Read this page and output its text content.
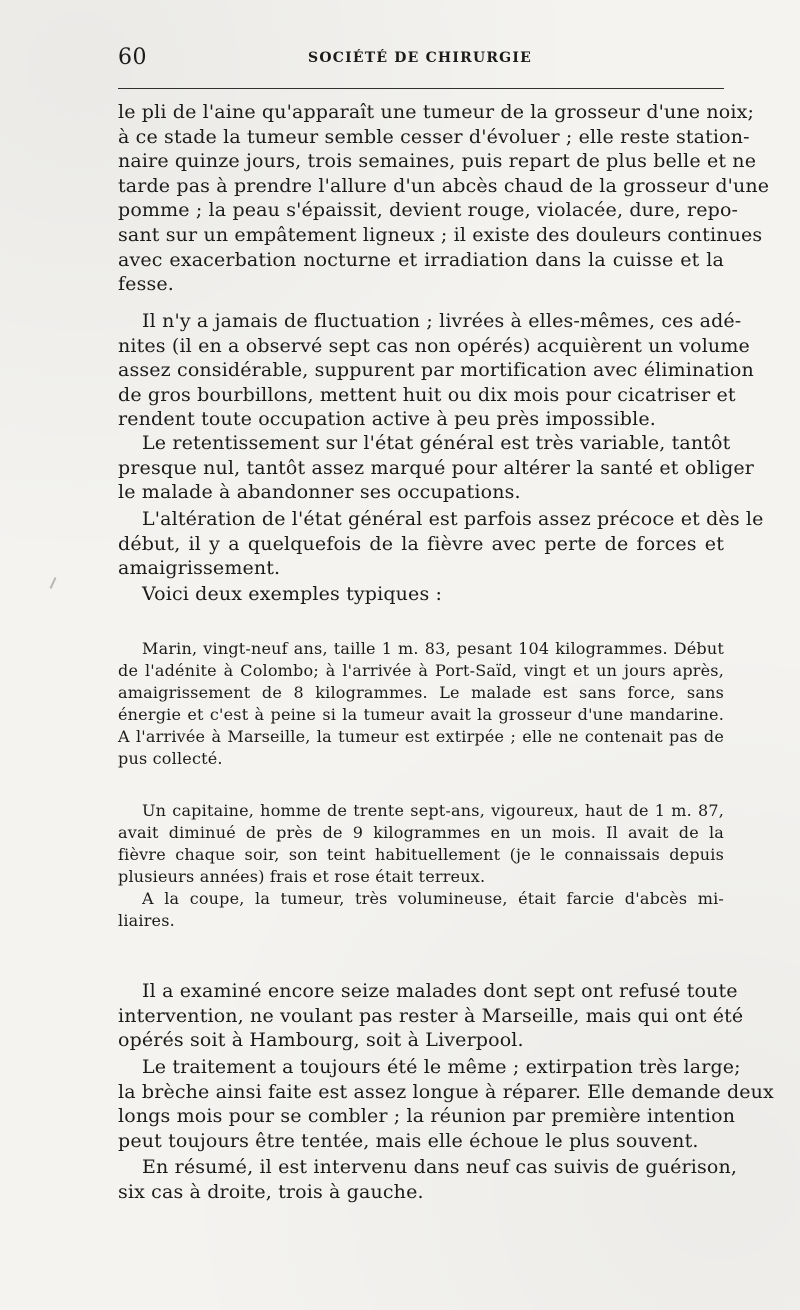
60	SOCIÉTÉ DE CHIRURGIE

le pli de l'aine qu'apparaît une tumeur de la grosseur d'une noix;
à ce stade la tumeur semble cesser d'évoluer ; elle reste station-
naire quinze jours, trois semaines, puis repart de plus belle et ne
tarde pas à prendre l'allure d'un abcès chaud de la grosseur d'une
pomme ; la peau s'épaissit, devient rouge, violacée, dure, repo-
sant sur un empâtement ligneux ; il existe des douleurs continues
avec exacerbation nocturne et irradiation dans la cuisse et la
fesse.

Il n'y a jamais de fluctuation ; livrées à elles-mêmes, ces adé-
nites (il en a observé sept cas non opérés) acquièrent un volume
assez considérable, suppurent par mortification avec élimination
de gros bourbillons, mettent huit ou dix mois pour cicatriser et
rendent toute occupation active à peu près impossible.

Le retentissement sur l'état général est très variable, tantôt
presque nul, tantôt assez marqué pour altérer la santé et obliger
le malade à abandonner ses occupations.

L'altération de l'état général est parfois assez précoce et dès le
début, il y a quelquefois de la fièvre avec perte de forces et
amaigrissement.

Voici deux exemples typiques :

Marin, vingt-neuf ans, taille 1 m. 83, pesant 104 kilogrammes. Début
de l'adénite à Colombo; à l'arrivée à Port-Saïd, vingt et un jours après,
amaigrissement de 8 kilogrammes. Le malade est sans force, sans
énergie et c'est à peine si la tumeur avait la grosseur d'une mandarine.
A l'arrivée à Marseille, la tumeur est extirpée ; elle ne contenait pas de
pus collecté.

Un capitaine, homme de trente sept-ans, vigoureux, haut de 1 m. 87,
avait diminué de près de 9 kilogrammes en un mois. Il avait de la
fièvre chaque soir, son teint habituellement (je le connaissais depuis
plusieurs années) frais et rose était terreux.

A la coupe, la tumeur, très volumineuse, était farcie d'abcès mi-
liaires.

Il a examiné encore seize malades dont sept ont refusé toute
intervention, ne voulant pas rester à Marseille, mais qui ont été
opérés soit à Hambourg, soit à Liverpool.

Le traitement a toujours été le même ; extirpation très large;
la brèche ainsi faite est assez longue à réparer. Elle demande deux
longs mois pour se combler ; la réunion par première intention
peut toujours être tentée, mais elle échoue le plus souvent.

En résumé, il est intervenu dans neuf cas suivis de guérison,
six cas à droite, trois à gauche.
